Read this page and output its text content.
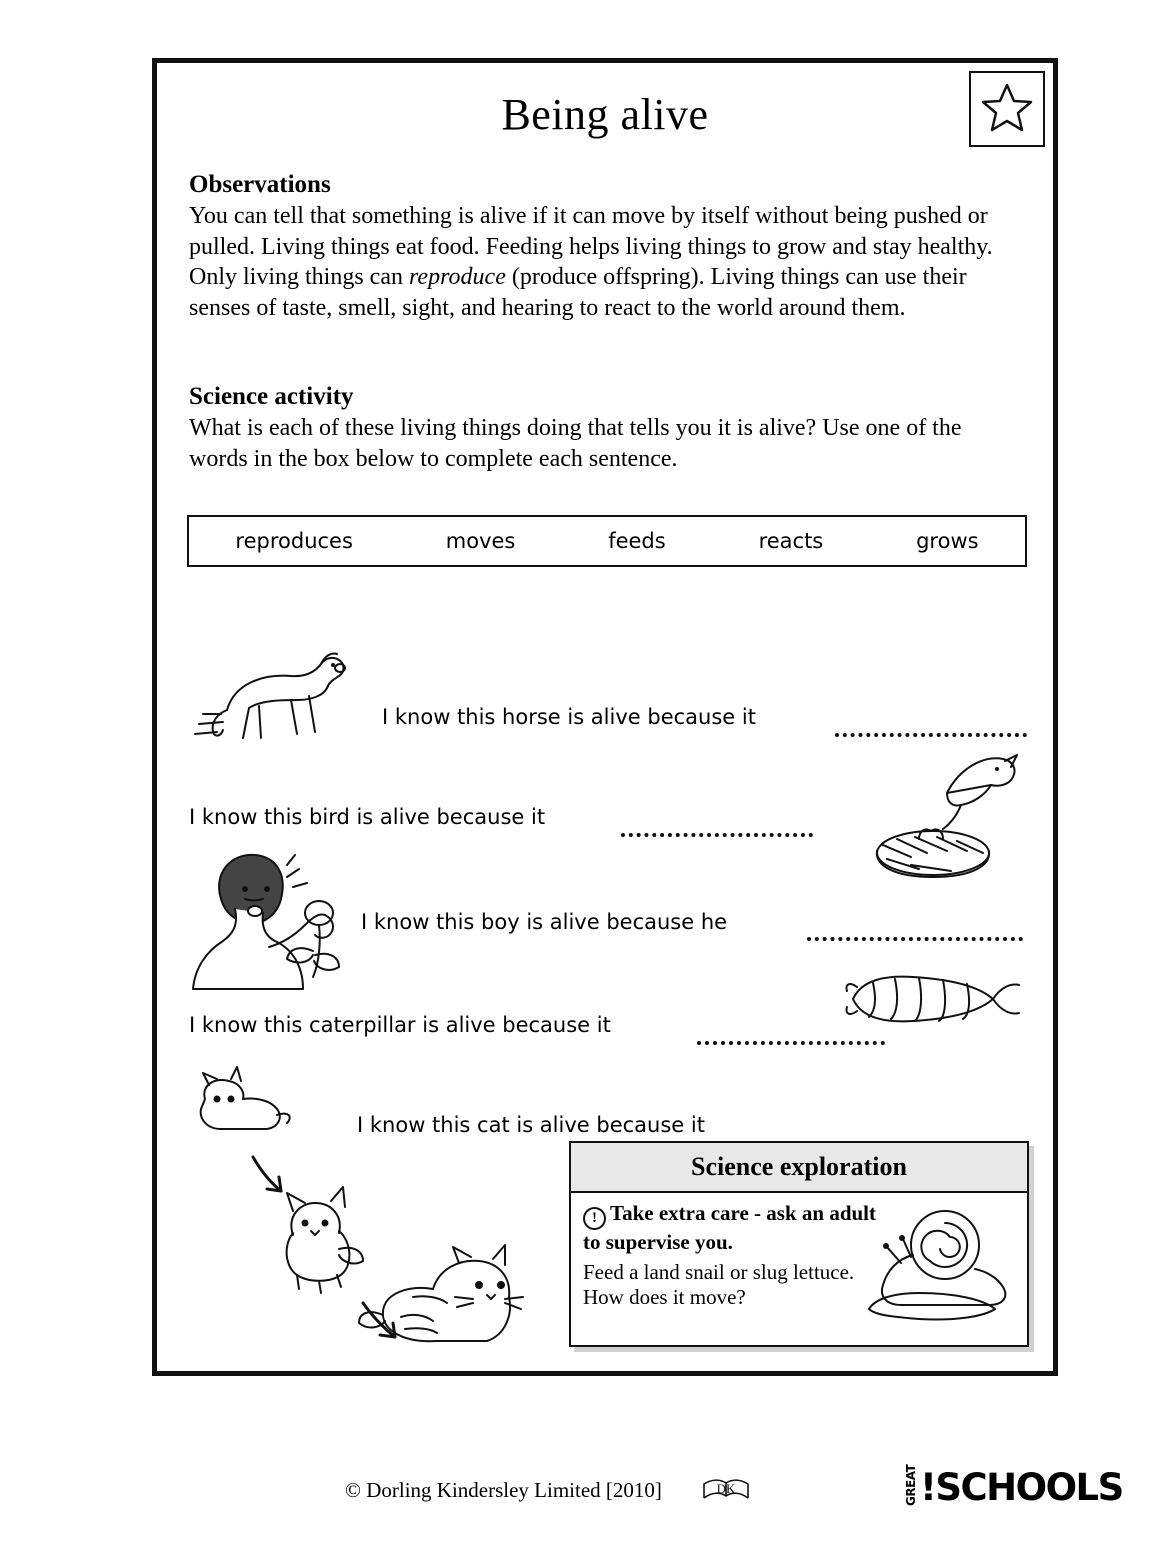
Being alive
Observations

You can tell that something is alive if it can move by itself without being pushed or pulled. Living things eat food. Feeding helps living things to grow and stay healthy. Only living things can reproduce (produce offspring). Living things can use their senses of taste, smell, sight, and hearing to react to the world around them.

Science activity

What is each of these living things doing that tells you it is alive? Use one of the words in the box below to complete each sentence.

reproduces	moves	feeds	reacts	grows
I know this horse is alive because it
I know this bird is alive because it
I know this boy is alive because he
I know this caterpillar is alive because it
I know this cat is alive because it
Science exploration

! Take extra care - ask an adult to supervise you.

Feed a land snail or slug lettuce. How does it move?

© Dorling Kindersley Limited [2010]	DK	GREAT !SCHOOLS
